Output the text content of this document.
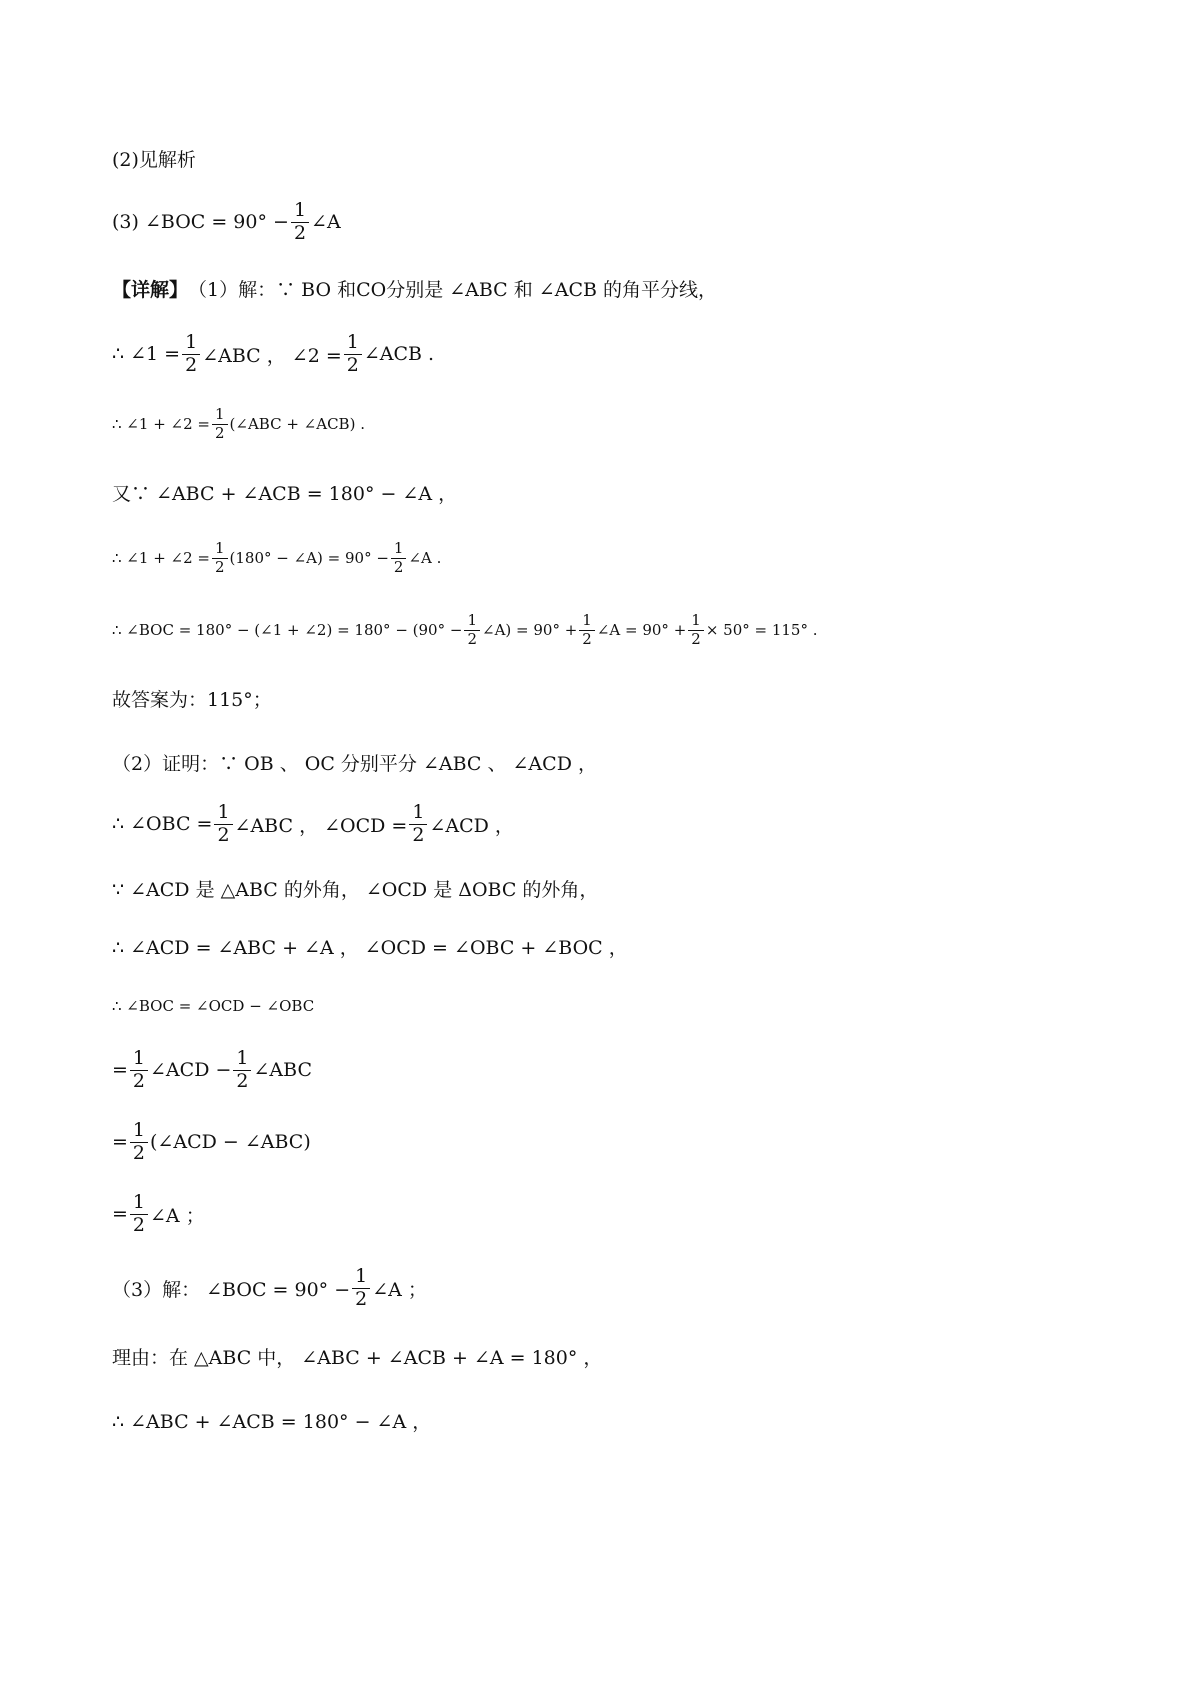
(2)见解析
(3) ∠BOC = $90^\circ - \frac{1}{2}$ ∠A
【详解】 （1）解：∵ BO 和CO分别是 ∠ABC 和 ∠ACB 的角平分线，
∴ ∠1 = $\frac{1}{2}$ ∠ABC ， ∠2 = $\frac{1}{2}$ ∠ACB .
∴ ∠1 + ∠2 = $\frac{1}{2}$ (∠ABC + ∠ACB) .
又∵ ∠ABC + ∠ACB = 180° − ∠A ，
∴ ∠1 + ∠2 = $\frac{1}{2} (180^\circ$ − ∠A) = $90^\circ - \frac{1}{2}$ ∠A .
∴ ∠BOC = 180° − (∠1 + ∠2) = $180^\circ - (90^\circ - \frac{1}{2}$ ∠A) = $90^\circ + \frac{1}{2}$ ∠A = $90^\circ + \frac{1}{2} \times 50^\circ = 115^\circ$ .
故答案为：115°；
（2）证明：∵ OB 、 OC 分别平分 ∠ABC 、 ∠ACD ，
∴ ∠OBC = $\frac{1}{2}$ ∠ABC ， ∠OCD = $\frac{1}{2}$ ∠ACD ，
∵ ∠ACD 是 △ABC 的外角， ∠OCD 是 ΔOBC 的外角，
∴ ∠ACD = ∠ABC + ∠A ， ∠OCD = ∠OBC + ∠BOC ，
∴ ∠BOC = ∠OCD − ∠OBC
= $\frac{1}{2}$ ∠ACD − $\frac{1}{2}$ ∠ABC
= $\frac{1}{2}$ (∠ACD − ∠ABC)
= $\frac{1}{2}$ ∠A ；
（3）解： ∠BOC = $90^\circ - \frac{1}{2}$ ∠A ；
理由：在 △ABC 中， ∠ABC + ∠ACB + ∠A = 180° ，
∴ ∠ABC + ∠ACB = 180° − ∠A ，
